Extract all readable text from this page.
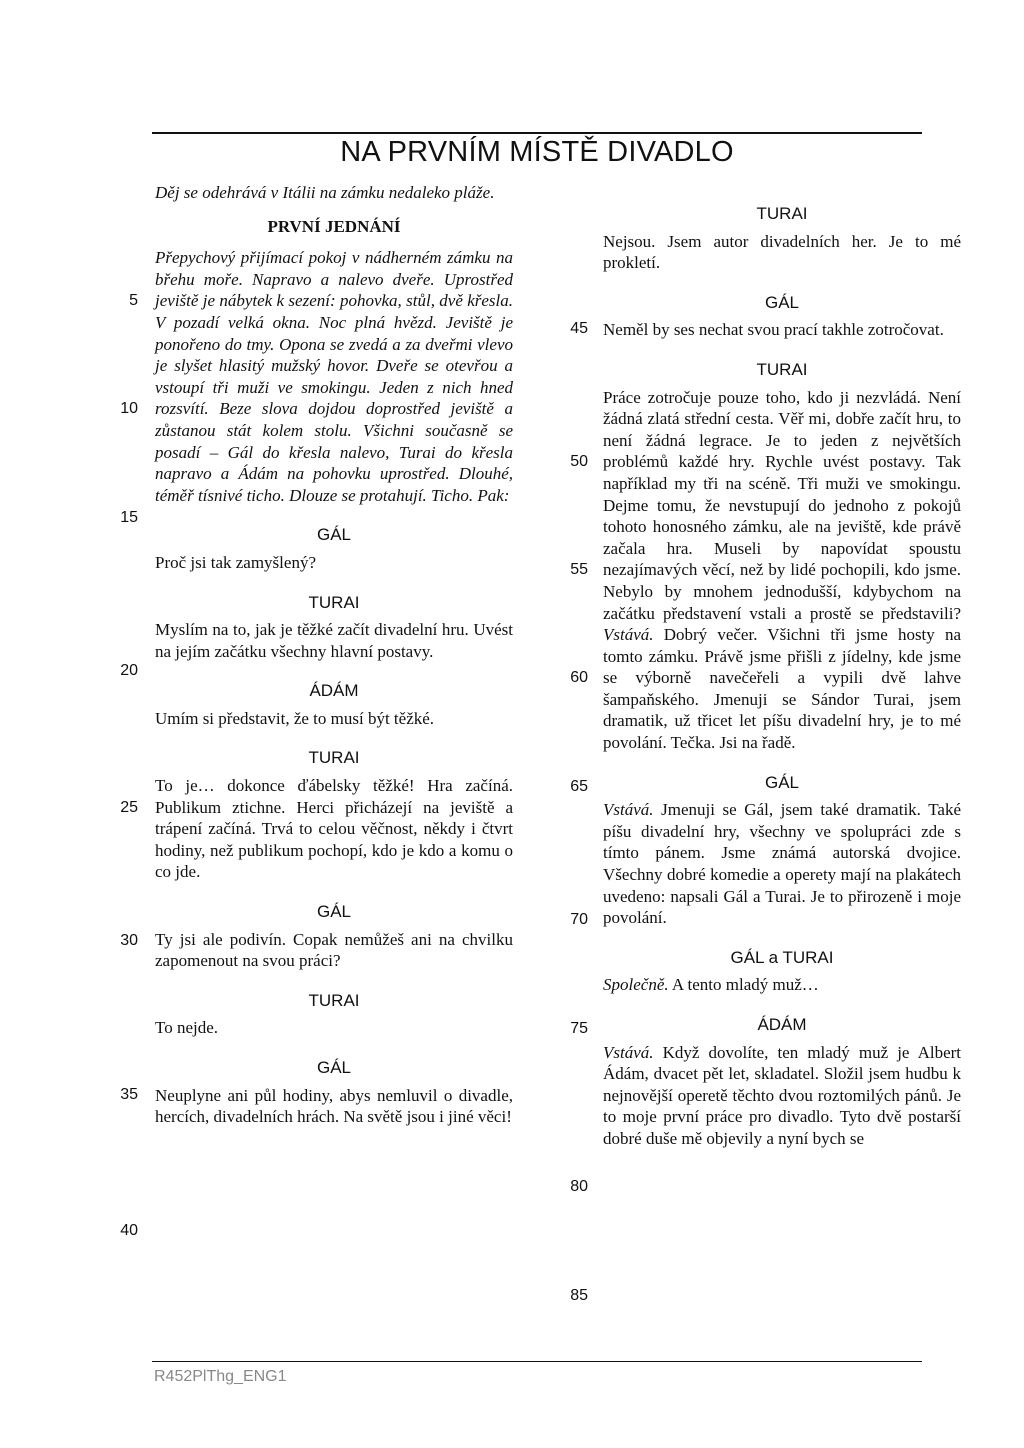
NA PRVNÍM MÍSTĚ DIVADLO

Děj se odehrává v Itálii na zámku nedaleko pláže.

PRVNÍ JEDNÁNÍ

Přepychový přijímací pokoj v nádherném zámku na břehu moře. Napravo a nalevo dveře. Uprostřed jeviště je nábytek k sezení: pohovka, stůl, dvě křesla. V pozadí velká okna. Noc plná hvězd. Jeviště je ponořeno do tmy. Opona se zvedá a za dveřmi vlevo je slyšet hlasitý mužský hovor. Dveře se otevřou a vstoupí tři muži ve smokingu. Jeden z nich hned rozsvítí. Beze slova dojdou doprostřed jeviště a zůstanou stát kolem stolu. Všichni současně se posadí – Gál do křesla nalevo, Turai do křesla napravo a Ádám na pohovku uprostřed. Dlouhé, téměř tísnivé ticho. Dlouze se protahují. Ticho. Pak:

GÁL

Proč jsi tak zamyšlený?

TURAI

Myslím na to, jak je těžké začít divadelní hru. Uvést na jejím začátku všechny hlavní postavy.

ÁDÁM

Umím si představit, že to musí být těžké.

TURAI

To je… dokonce ďábelsky těžké! Hra začíná. Publikum ztichne. Herci přicházejí na jeviště a trápení začíná. Trvá to celou věčnost, někdy i čtvrt hodiny, než publikum pochopí, kdo je kdo a komu o co jde.

GÁL

Ty jsi ale podivín. Copak nemůžeš ani na chvilku zapomenout na svou práci?

TURAI

To nejde.

GÁL

Neuplyne ani půl hodiny, abys nemluvil o divadle, hercích, divadelních hrách. Na světě jsou i jiné věci!

TURAI

Nejsou. Jsem autor divadelních her. Je to mé prokletí.

GÁL

Neměl by ses nechat svou prací takhle zotročovat.

TURAI

Práce zotročuje pouze toho, kdo ji nezvládá. Není žádná zlatá střední cesta. Věř mi, dobře začít hru, to není žádná legrace. Je to jeden z největších problémů každé hry. Rychle uvést postavy. Tak například my tři na scéně. Tři muži ve smokingu. Dejme tomu, že nevstupují do jednoho z pokojů tohoto honosného zámku, ale na jeviště, kde právě začala hra. Museli by napovídat spoustu nezajímavých věcí, než by lidé pochopili, kdo jsme. Nebylo by mnohem jednodušší, kdybychom na začátku představení vstali a prostě se představili? Vstává. Dobrý večer. Všichni tři jsme hosty na tomto zámku. Právě jsme přišli z jídelny, kde jsme se výborně navečeřeli a vypili dvě lahve šampaňského. Jmenuji se Sándor Turai, jsem dramatik, už třicet let píšu divadelní hry, je to mé povolání. Tečka. Jsi na řadě.

GÁL

Vstává. Jmenuji se Gál, jsem také dramatik. Také píšu divadelní hry, všechny ve spolupráci zde s tímto pánem. Jsme známá autorská dvojice. Všechny dobré komedie a operety mají na plakátech uvedeno: napsali Gál a Turai. Je to přirozeně i moje povolání.

GÁL a TURAI

Společně. A tento mladý muž…

ÁDÁM

Vstává. Když dovolíte, ten mladý muž je Albert Ádám, dvacet pět let, skladatel. Složil jsem hudbu k nejnovější operetě těchto dvou roztomilých pánů. Je to moje první práce pro divadlo. Tyto dvě postarší dobré duše mě objevily a nyní bych se

5
10
15
20
25
30
35
40
45
50
55
60
65
70
75
80
85
R452PlThg_ENG1
